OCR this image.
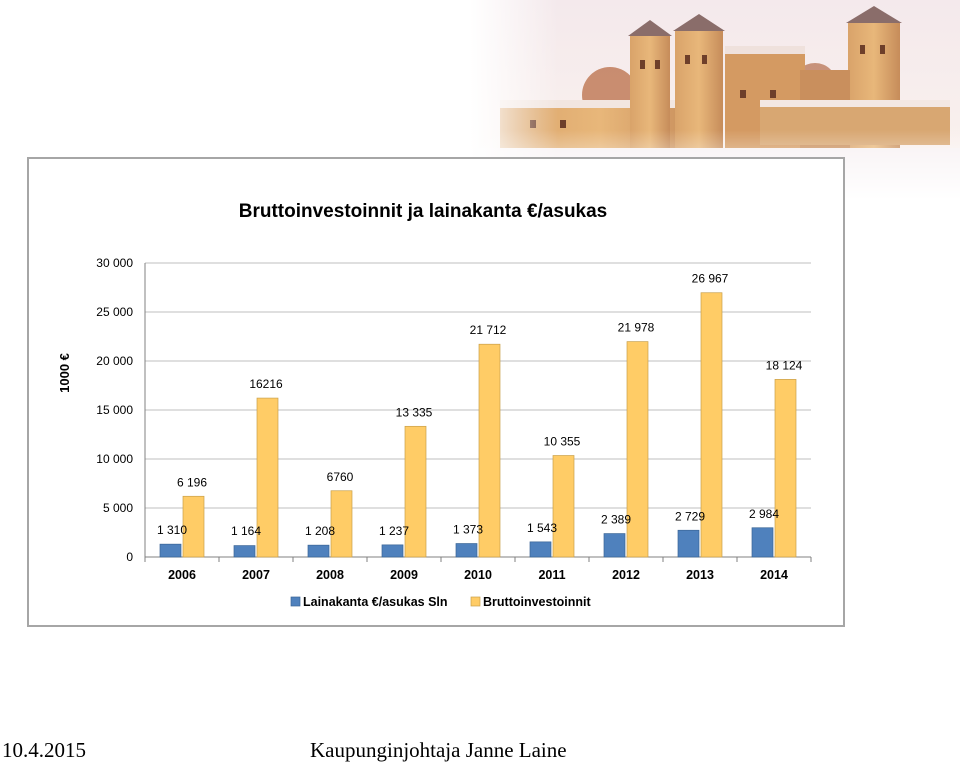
Bruttoinvestoinnit ja lainakanta €/asukas
1000 €
0
5 000
10 000
15 000
20 000
25 000
30 000
2006
1 310
6 196
2007
1 164
16216
2008
1 208
6760
2009
1 237
13 335
2010
1 373
21 712
2011
1 543
10 355
2012
2 389
21 978
2013
2 729
26 967
2014
2 984
18 124
Lainakanta €/asukas Sln	Bruttoinvestoinnit
10.4.2015	Kaupunginjohtaja Janne Laine
